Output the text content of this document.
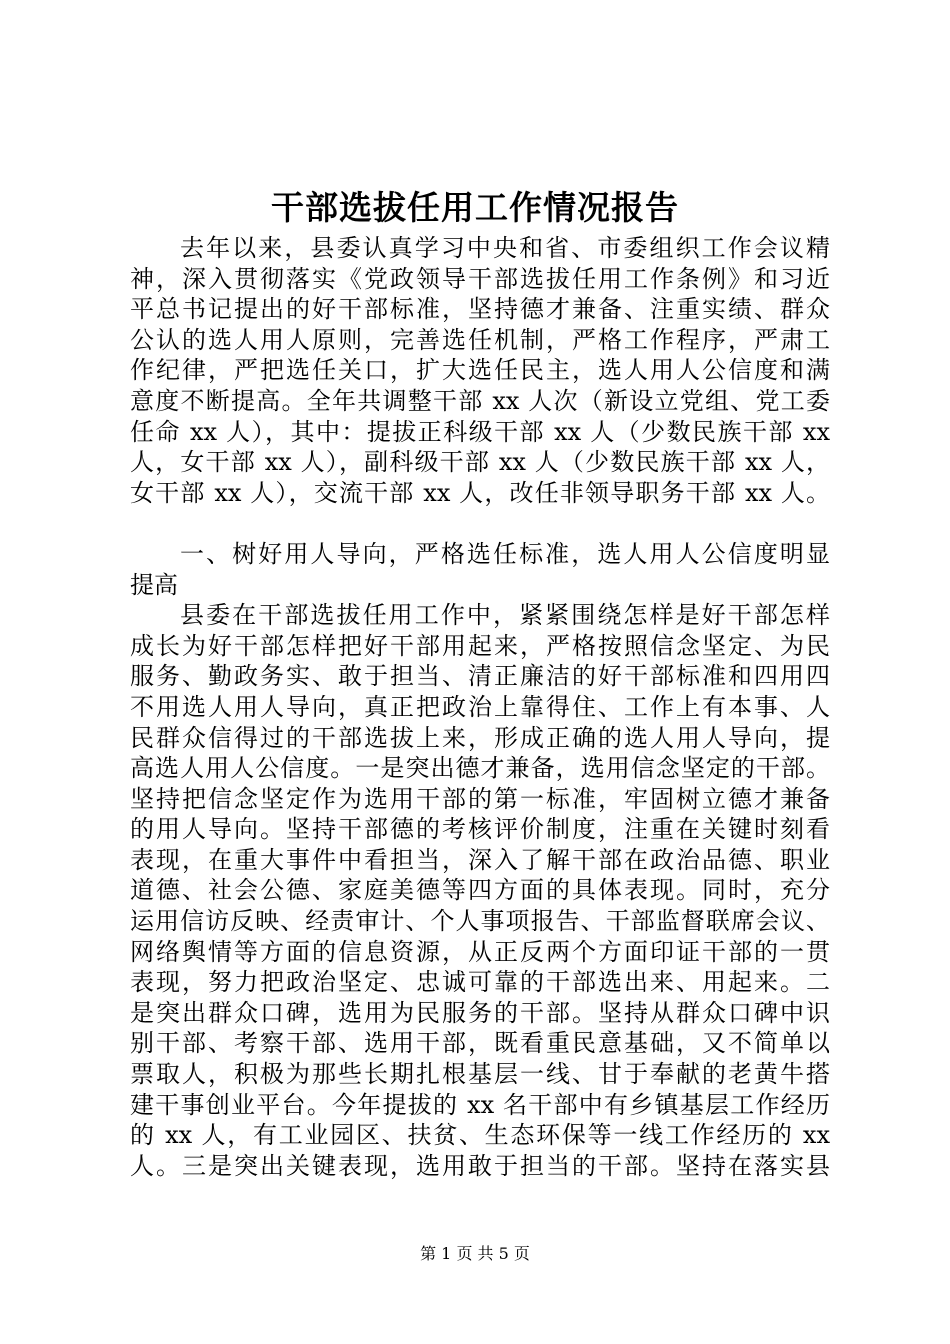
干部选拔任用工作情况报告
去年以来，县委认真学习中央和省、市委组织工作会议精
神，深入贯彻落实《党政领导干部选拔任用工作条例》和习近
平总书记提出的好干部标准，坚持德才兼备、注重实绩、群众
公认的选人用人原则，完善选任机制，严格工作程序，严肃工
作纪律，严把选任关口，扩大选任民主，选人用人公信度和满
意度不断提高。全年共调整干部 xx 人次（新设立党组、党工委
任命 xx 人），其中：提拔正科级干部 xx 人（少数民族干部 xx
人，女干部 xx 人），副科级干部 xx 人（少数民族干部 xx 人，
女干部 xx 人），交流干部 xx 人，改任非领导职务干部 xx 人。
一、树好用人导向，严格选任标准，选人用人公信度明显
提高
县委在干部选拔任用工作中，紧紧围绕怎样是好干部怎样
成长为好干部怎样把好干部用起来，严格按照信念坚定、为民
服务、勤政务实、敢于担当、清正廉洁的好干部标准和四用四
不用选人用人导向，真正把政治上靠得住、工作上有本事、人
民群众信得过的干部选拔上来，形成正确的选人用人导向，提
高选人用人公信度。一是突出德才兼备，选用信念坚定的干部。
坚持把信念坚定作为选用干部的第一标准，牢固树立德才兼备
的用人导向。坚持干部德的考核评价制度，注重在关键时刻看
表现，在重大事件中看担当，深入了解干部在政治品德、职业
道德、社会公德、家庭美德等四方面的具体表现。同时，充分
运用信访反映、经责审计、个人事项报告、干部监督联席会议、
网络舆情等方面的信息资源，从正反两个方面印证干部的一贯
表现，努力把政治坚定、忠诚可靠的干部选出来、用起来。二
是突出群众口碑，选用为民服务的干部。坚持从群众口碑中识
别干部、考察干部、选用干部，既看重民意基础，又不简单以
票取人，积极为那些长期扎根基层一线、甘于奉献的老黄牛搭
建干事创业平台。今年提拔的 xx 名干部中有乡镇基层工作经历
的 xx 人，有工业园区、扶贫、生态环保等一线工作经历的 xx
人。三是突出关键表现，选用敢于担当的干部。坚持在落实县
第 1 页 共 5 页
